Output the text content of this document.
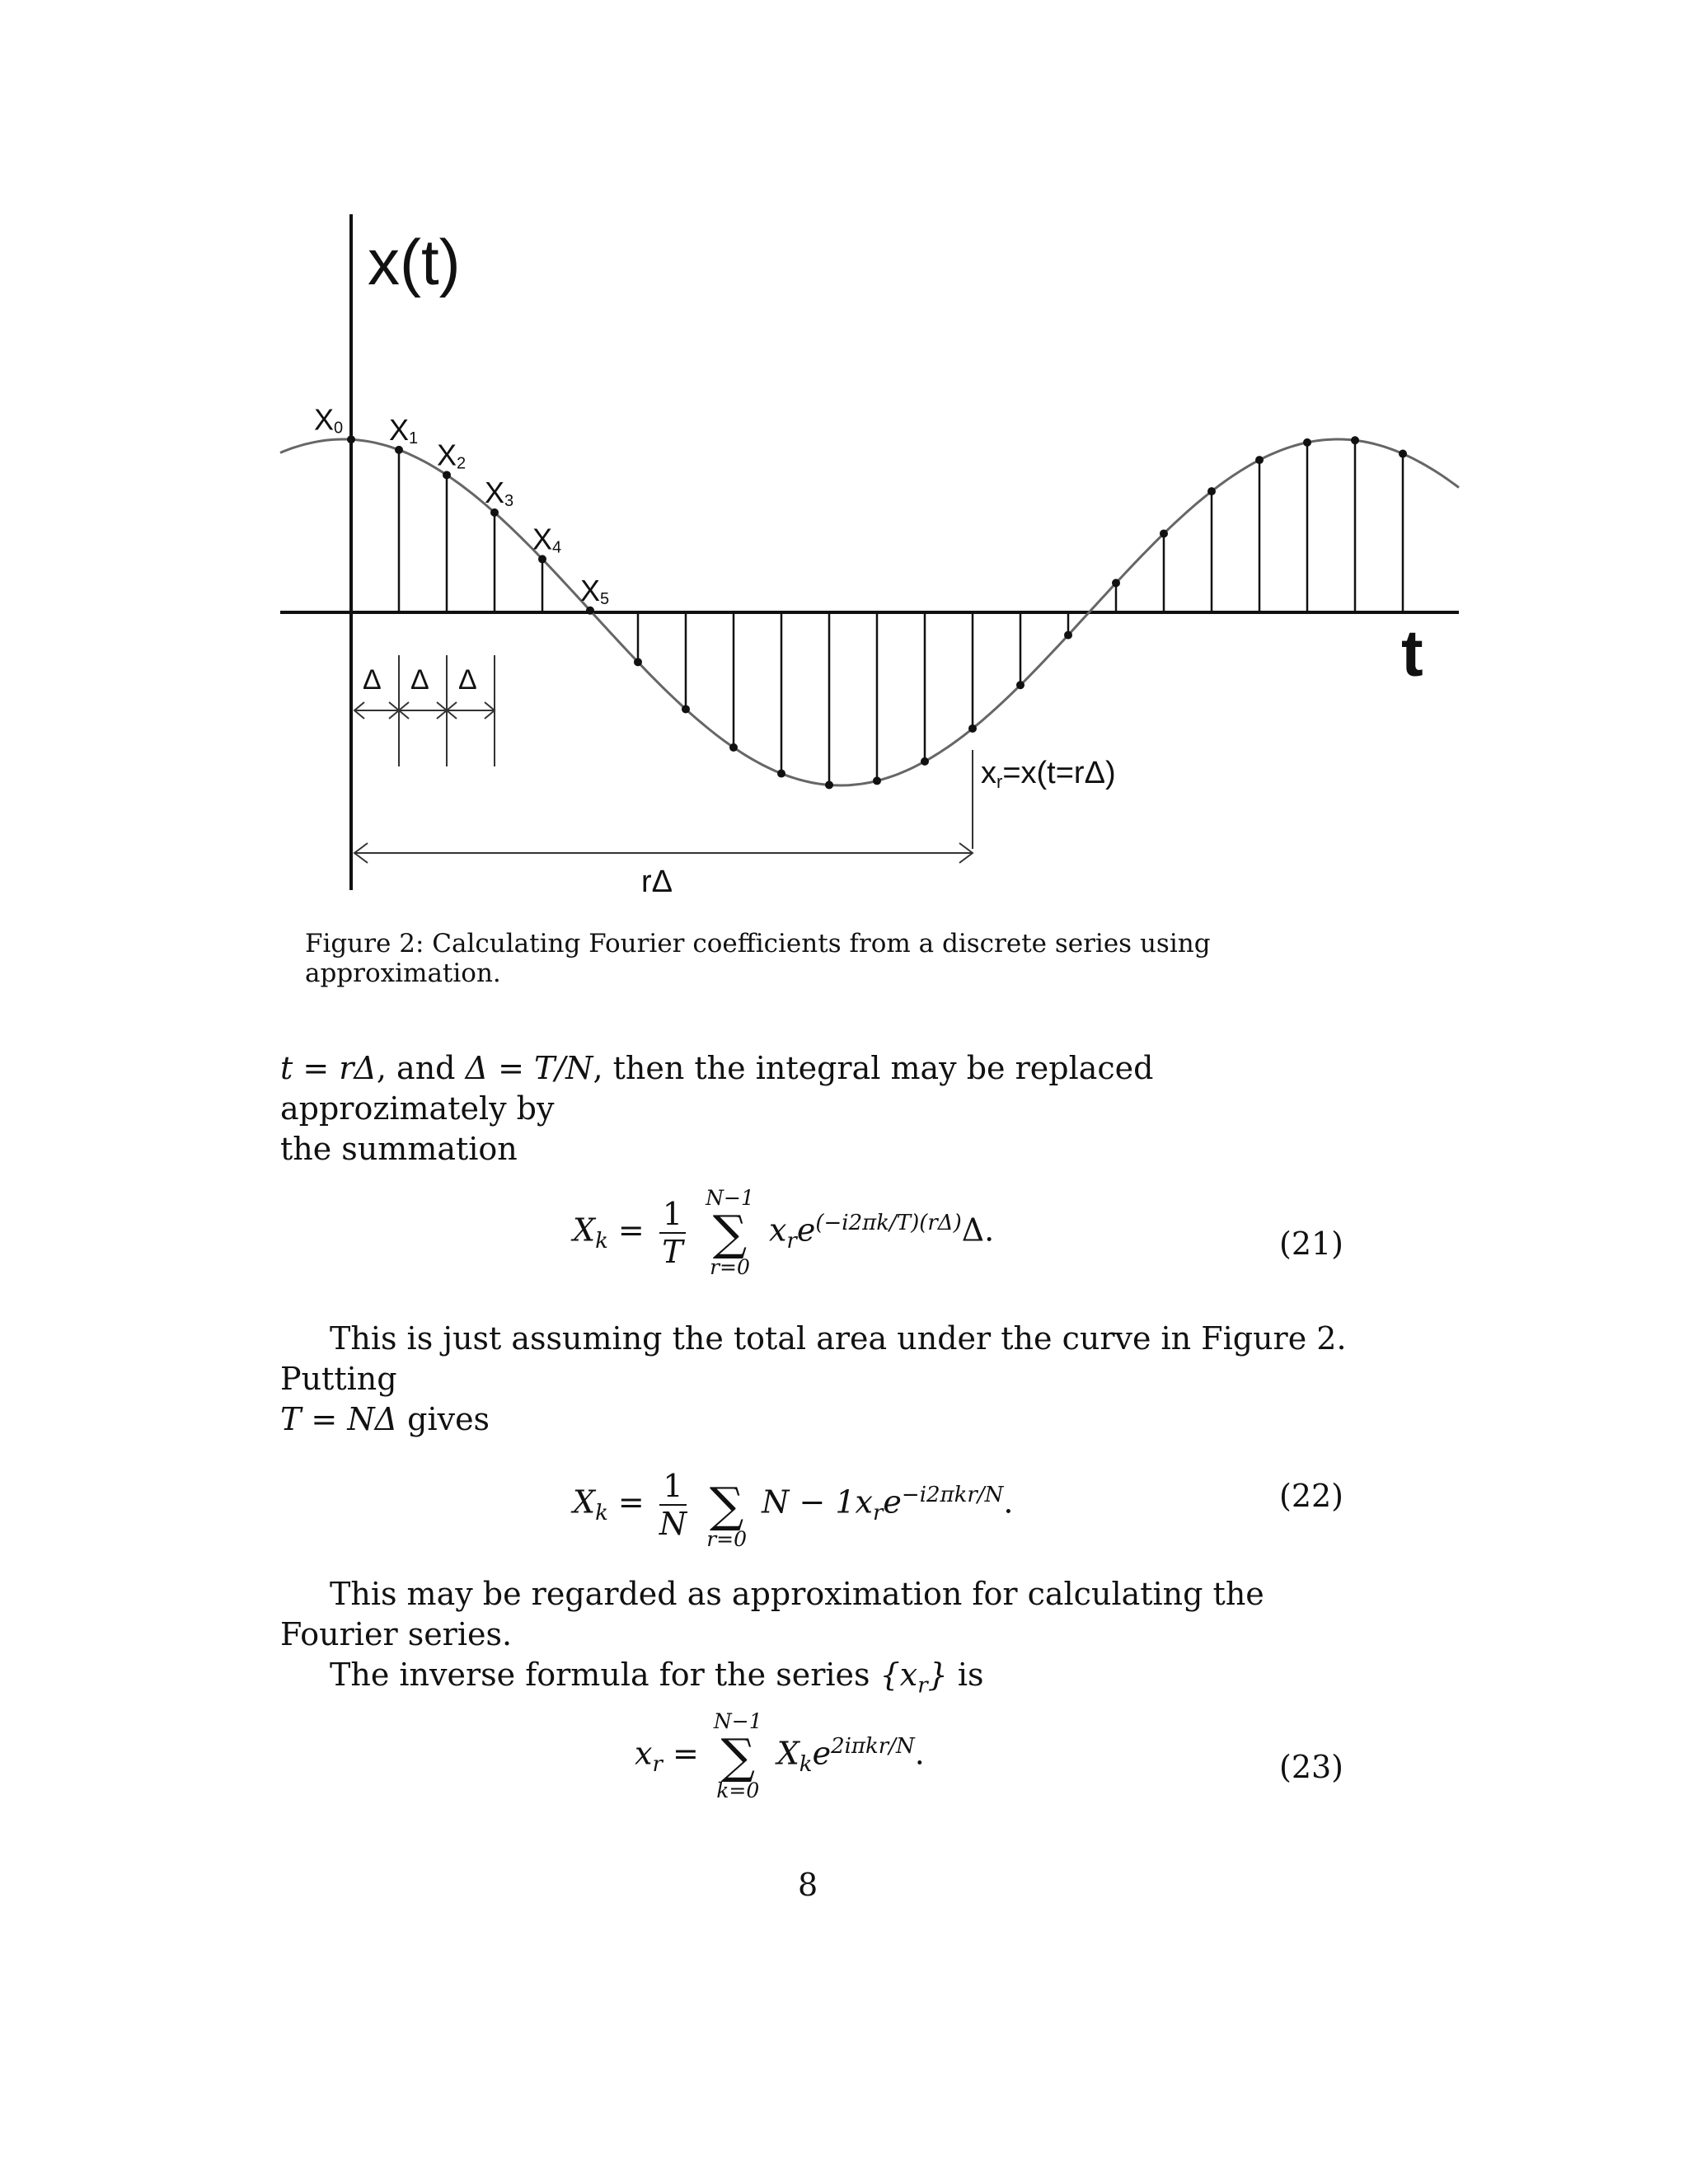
x(t)
t
X0 X1 X2
X3
X4
X5
Δ Δ Δ
rΔ
xr=x(t=rΔ)
Figure 2: Calculating Fourier coefficients from a discrete series using approximation.

t = rΔ, and Δ = T/N, then the integral may be replaced approzimately by
the summation

$X_k = \frac{1}{T}$
N−1
∑
r=0
$x_re^{(-i2\pi k/T)(r\Delta)}\Delta$.	(21)

This is just assuming the total area under the curve in Figure 2. Putting
T = NΔ gives

$X_k = \frac{1}{N}$

∑
r=0
$N - 1x_re^{-i2\pi kr/N}$.	(22)

This may be regarded as approximation for calculating the Fourier series.
The inverse formula for the series $\{x_r\}$ is

$x_r$ =
N−1
∑
k=0
$X_ke^{2i\pi kr/N}$.	(23)
8
